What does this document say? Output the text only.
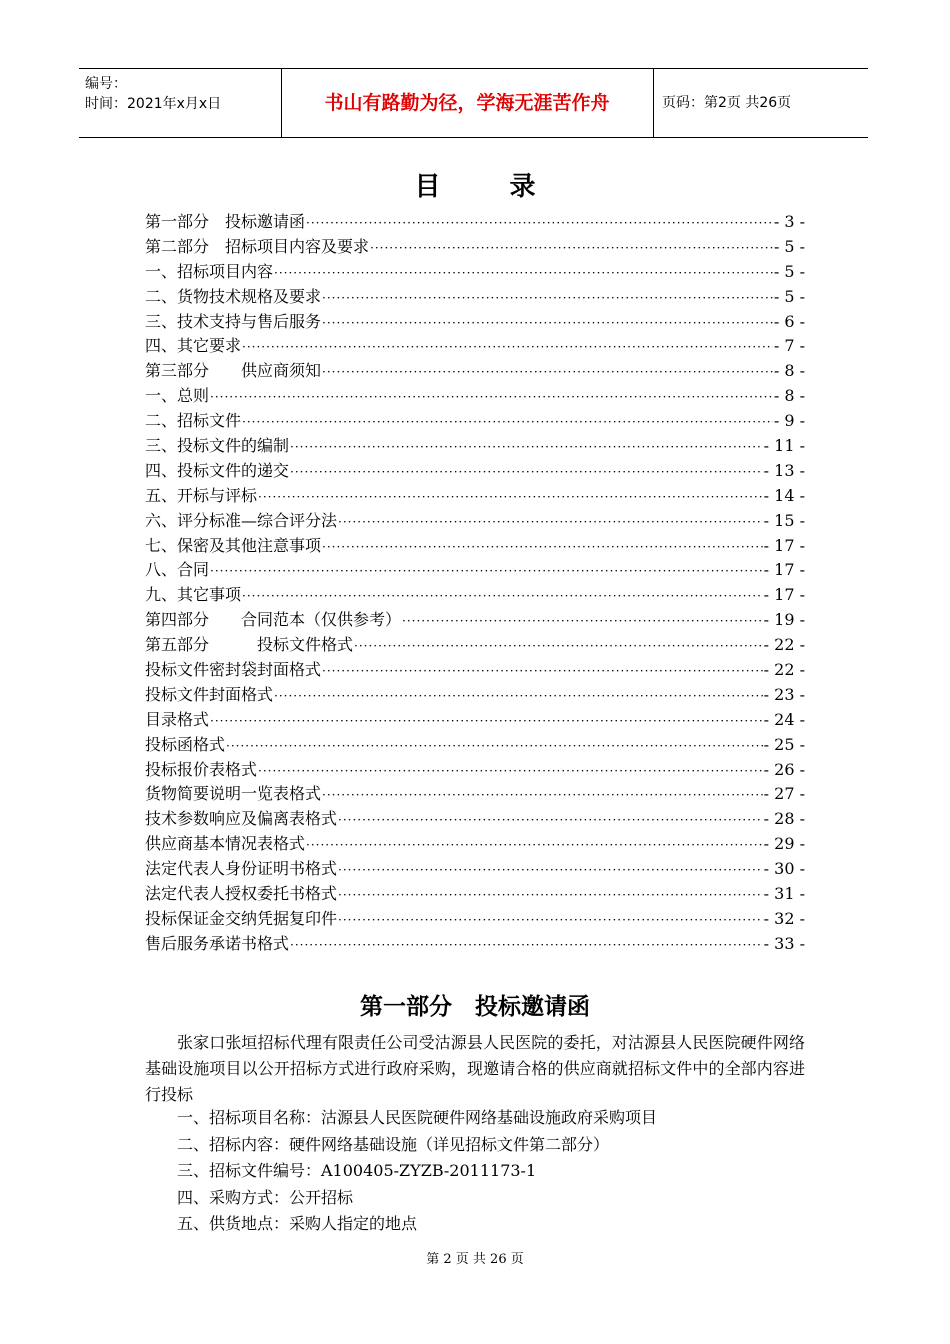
编号：
时间：2021年x月x日	书山有路勤为径，学海无涯苦作舟	页码：第2页 共26页
目 录
第一部分　投标邀请函 ·····	- 3 -
第二部分　招标项目内容及要求 ·····	- 5 -
一、招标项目内容 ·····	- 5 -
二、货物技术规格及要求 ·····	- 5 -
三、技术支持与售后服务 ·····	- 6 -
四、其它要求 ·····	- 7 -
第三部分　　供应商须知 ·····	- 8 -
一、总则 ·····	- 8 -
二、招标文件 ·····	- 9 -
三、投标文件的编制 ·····	- 11 -
四、投标文件的递交 ·····	- 13 -
五、开标与评标 ·····	- 14 -
六、评分标准—综合评分法 ·····	- 15 -
七、保密及其他注意事项 ·····	- 17 -
八、合同 ·····	- 17 -
九、其它事项 ·····	- 17 -
第四部分　　合同范本（仅供参考） ·····	- 19 -
第五部分　　　投标文件格式 ·····	- 22 -
投标文件密封袋封面格式 ·····	- 22 -
投标文件封面格式 ·····	- 23 -
目录格式 ·····	- 24 -
投标函格式 ·····	- 25 -
投标报价表格式 ·····	- 26 -
货物简要说明一览表格式 ·····	- 27 -
技术参数响应及偏离表格式 ·····	- 28 -
供应商基本情况表格式 ·····	- 29 -
法定代表人身份证明书格式 ·····	- 30 -
法定代表人授权委托书格式 ·····	- 31 -
投标保证金交纳凭据复印件 ·····	- 32 -
售后服务承诺书格式 ·····	- 33 -
第一部分　投标邀请函

张家口张垣招标代理有限责任公司受沽源县人民医院的委托，对沽源县人民医院硬件网络基础设施项目以公开招标方式进行政府采购，现邀请合格的供应商就招标文件中的全部内容进行投标

一、招标项目名称：沽源县人民医院硬件网络基础设施政府采购项目
二、招标内容：硬件网络基础设施（详见招标文件第二部分）
三、招标文件编号：A100405-ZYZB-2011173-1
四、采购方式：公开招标
五、供货地点：采购人指定的地点
第 2 页 共 26 页
